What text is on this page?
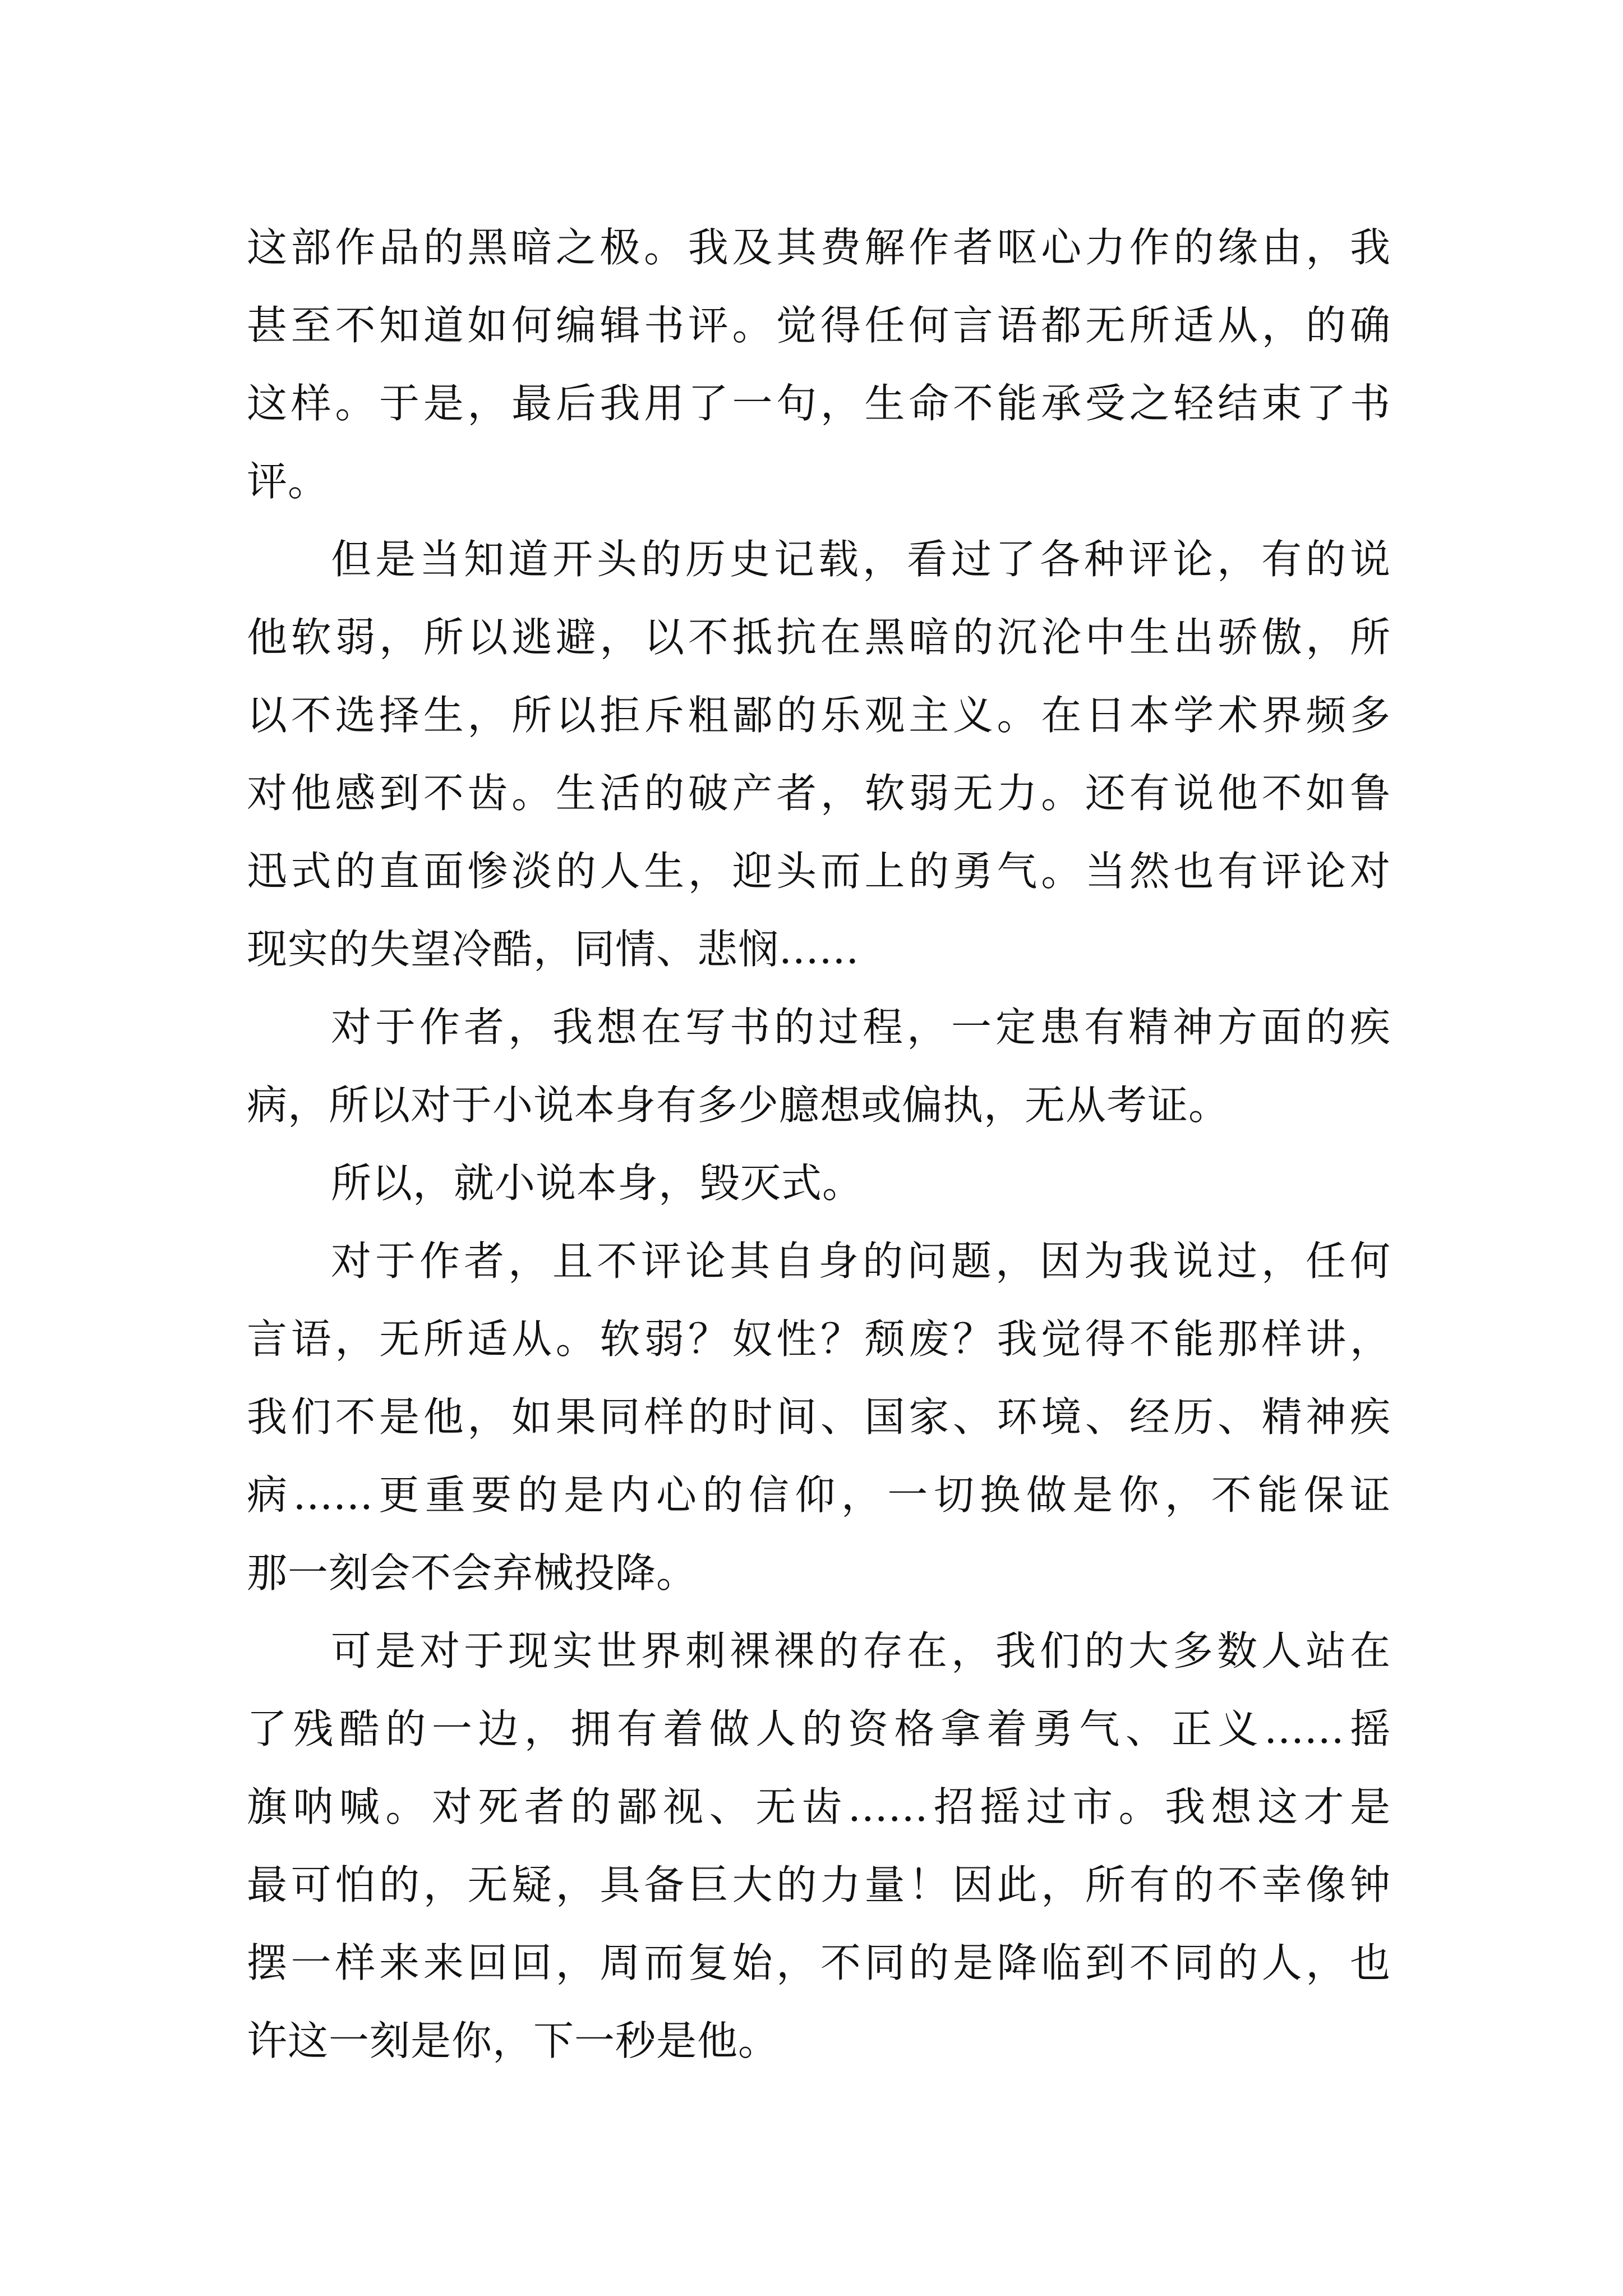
这部作品的黑暗之极。我及其费解作者呕心力作的缘由，我
甚至不知道如何编辑书评。觉得任何言语都无所适从，的确
这样。于是，最后我用了一句，生命不能承受之轻结束了书
评。
但是当知道开头的历史记载，看过了各种评论，有的说
他软弱，所以逃避，以不抵抗在黑暗的沉沦中生出骄傲，所
以不选择生，所以拒斥粗鄙的乐观主义。在日本学术界频多
对他感到不齿。生活的破产者，软弱无力。还有说他不如鲁
迅式的直面惨淡的人生，迎头而上的勇气。当然也有评论对
现实的失望冷酷，同情、悲悯......
对于作者，我想在写书的过程，一定患有精神方面的疾
病，所以对于小说本身有多少臆想或偏执，无从考证。
所以，就小说本身，毁灭式。
对于作者，且不评论其自身的问题，因为我说过，任何
言语，无所适从。软弱？奴性？颓废？我觉得不能那样讲，
我们不是他，如果同样的时间、国家、环境、经历、精神疾
病......更重要的是内心的信仰，一切换做是你，不能保证
那一刻会不会弃械投降。
可是对于现实世界刺裸裸的存在，我们的大多数人站在
了残酷的一边，拥有着做人的资格拿着勇气、正义......摇
旗呐喊。对死者的鄙视、无齿......招摇过市。我想这才是
最可怕的，无疑，具备巨大的力量！因此，所有的不幸像钟
摆一样来来回回，周而复始，不同的是降临到不同的人，也
许这一刻是你，下一秒是他。
